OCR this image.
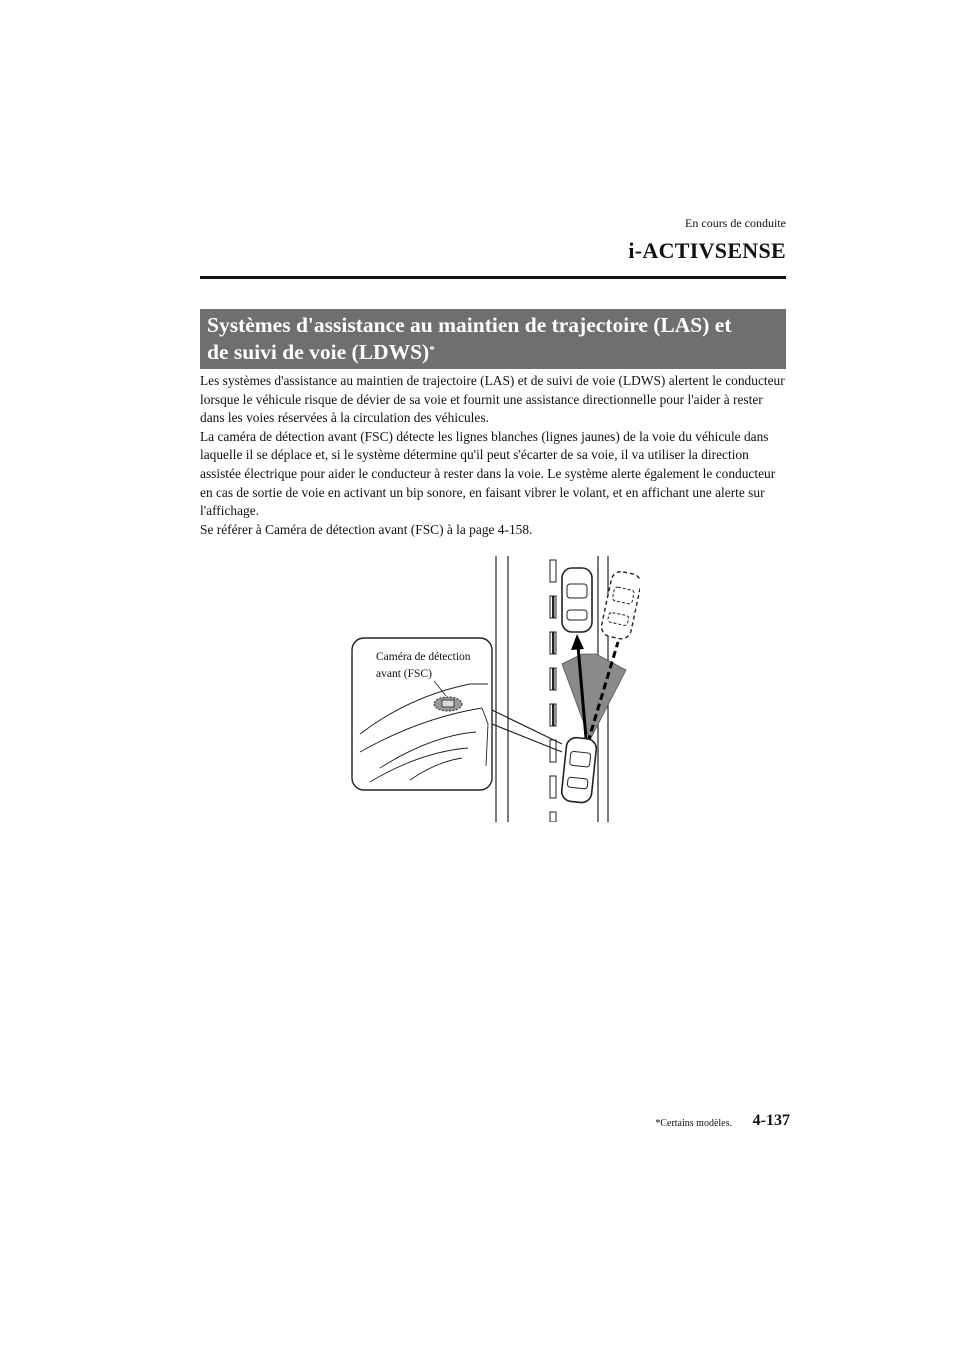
En cours de conduite
i-ACTIVSENSE
Systèmes d'assistance au maintien de trajectoire (LAS) et
de suivi de voie (LDWS)*

Les systèmes d'assistance au maintien de trajectoire (LAS) et de suivi de voie (LDWS) alertent le conducteur lorsque le véhicule risque de dévier de sa voie et fournit une assistance directionnelle pour l'aider à rester dans les voies réservées à la circulation des véhicules.

La caméra de détection avant (FSC) détecte les lignes blanches (lignes jaunes) de la voie du véhicule dans laquelle il se déplace et, si le système détermine qu'il peut s'écarter de sa voie, il va utiliser la direction assistée électrique pour aider le conducteur à rester dans la voie. Le système alerte également le conducteur en cas de sortie de voie en activant un bip sonore, en faisant vibrer le volant, et en affichant une alerte sur l'affichage.

Se référer à Caméra de détection avant (FSC) à la page 4-158.

Caméra de détection
avant (FSC)
*Certains modèles.	4-137
